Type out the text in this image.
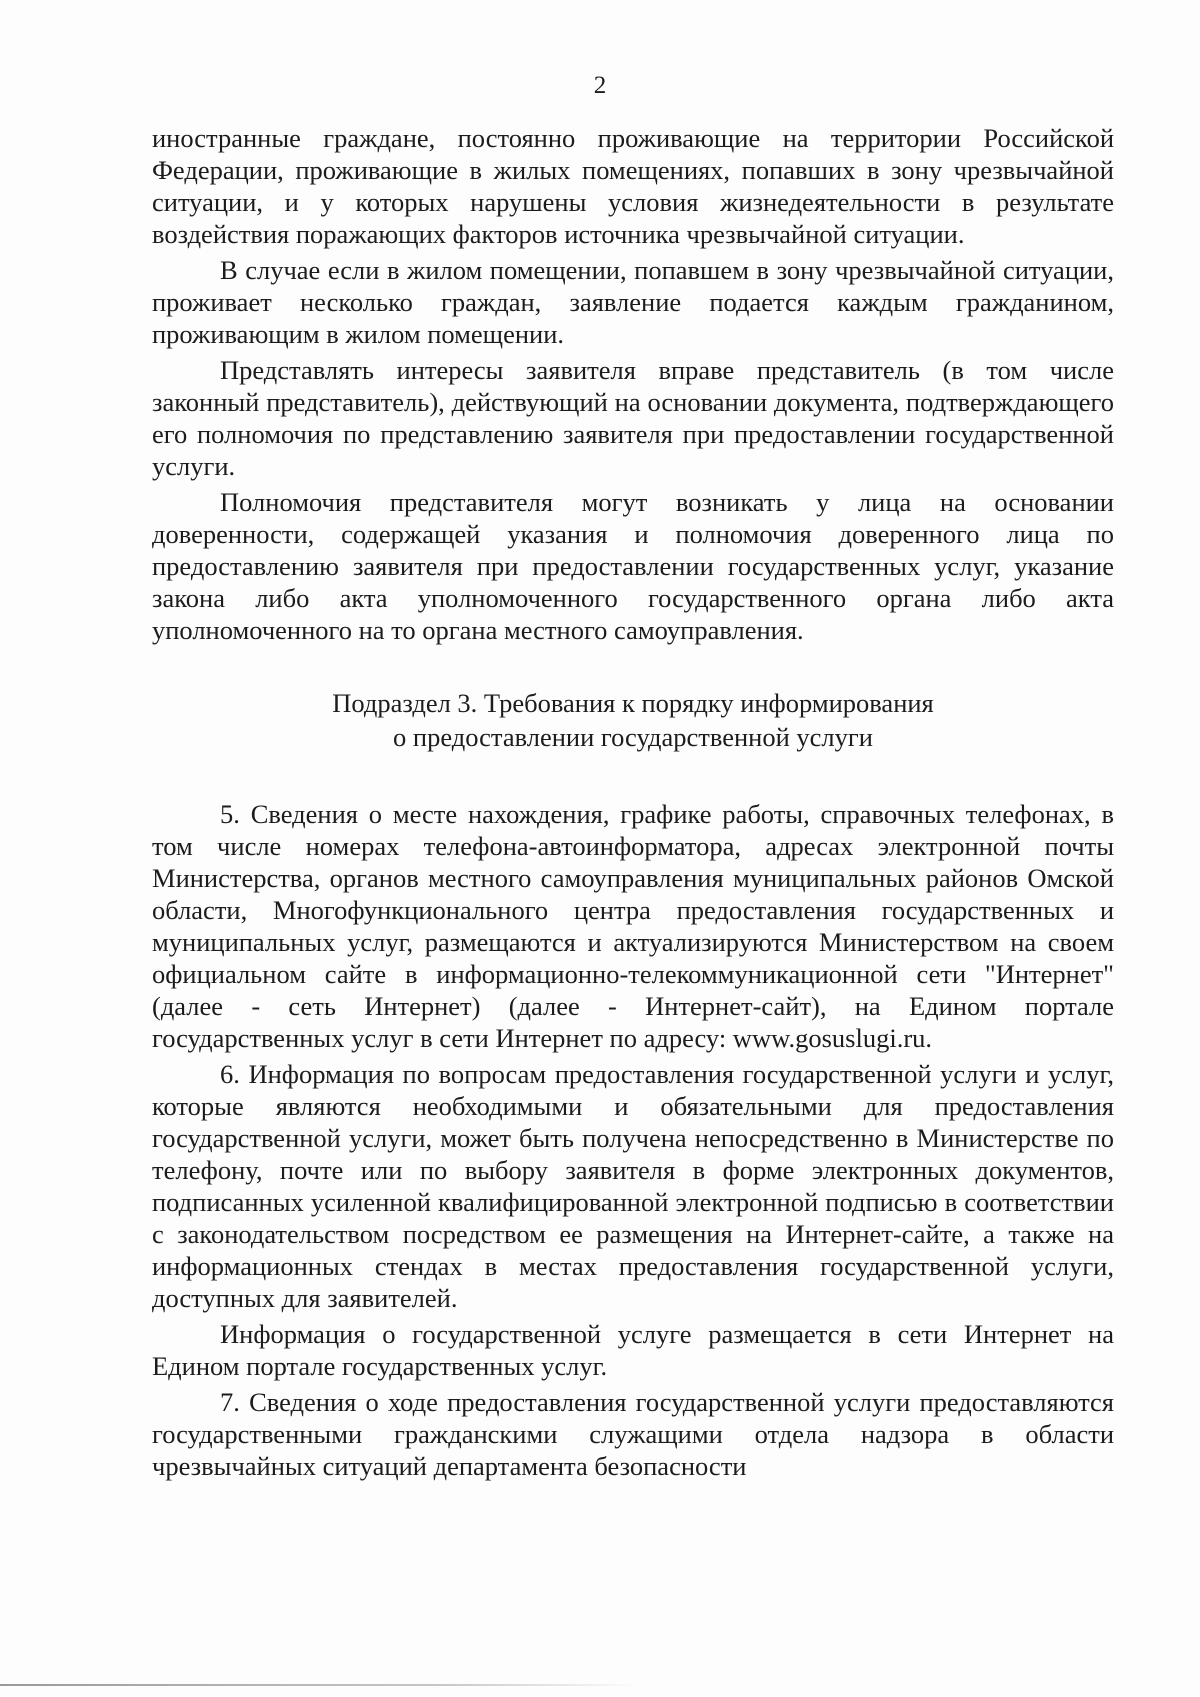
2

иностранные граждане, постоянно проживающие на территории Российской Федерации, проживающие в жилых помещениях, попавших в зону чрезвычайной ситуации, и у которых нарушены условия жизнедеятельности в результате воздействия поражающих факторов источника чрезвычайной ситуации.

В случае если в жилом помещении, попавшем в зону чрезвычайной ситуации, проживает несколько граждан, заявление подается каждым гражданином, проживающим в жилом помещении.

Представлять интересы заявителя вправе представитель (в том числе законный представитель), действующий на основании документа, подтверждающего его полномочия по представлению заявителя при предоставлении государственной услуги.

Полномочия представителя могут возникать у лица на основании доверенности, содержащей указания и полномочия доверенного лица по предоставлению заявителя при предоставлении государственных услуг, указание закона либо акта уполномоченного государственного органа либо акта уполномоченного на то органа местного самоуправления.

Подраздел 3. Требования к порядку информирования
о предоставлении государственной услуги

5. Сведения о месте нахождения, графике работы, справочных телефонах, в том числе номерах телефона-автоинформатора, адресах электронной почты Министерства, органов местного самоуправления муниципальных районов Омской области, Многофункционального центра предоставления государственных и муниципальных услуг, размещаются и актуализируются Министерством на своем официальном сайте в информационно-телекоммуникационной сети "Интернет" (далее - сеть Интернет) (далее - Интернет-сайт), на Едином портале государственных услуг в сети Интернет по адресу: www.gosuslugi.ru.

6. Информация по вопросам предоставления государственной услуги и услуг, которые являются необходимыми и обязательными для предоставления государственной услуги, может быть получена непосредственно в Министерстве по телефону, почте или по выбору заявителя в форме электронных документов, подписанных усиленной квалифицированной электронной подписью в соответствии с законодательством посредством ее размещения на Интернет-сайте, а также на информационных стендах в местах предоставления государственной услуги, доступных для заявителей.

Информация о государственной услуге размещается в сети Интернет на Едином портале государственных услуг.

7. Сведения о ходе предоставления государственной услуги предоставляются государственными гражданскими служащими отдела надзора в области чрезвычайных ситуаций департамента безопасности
